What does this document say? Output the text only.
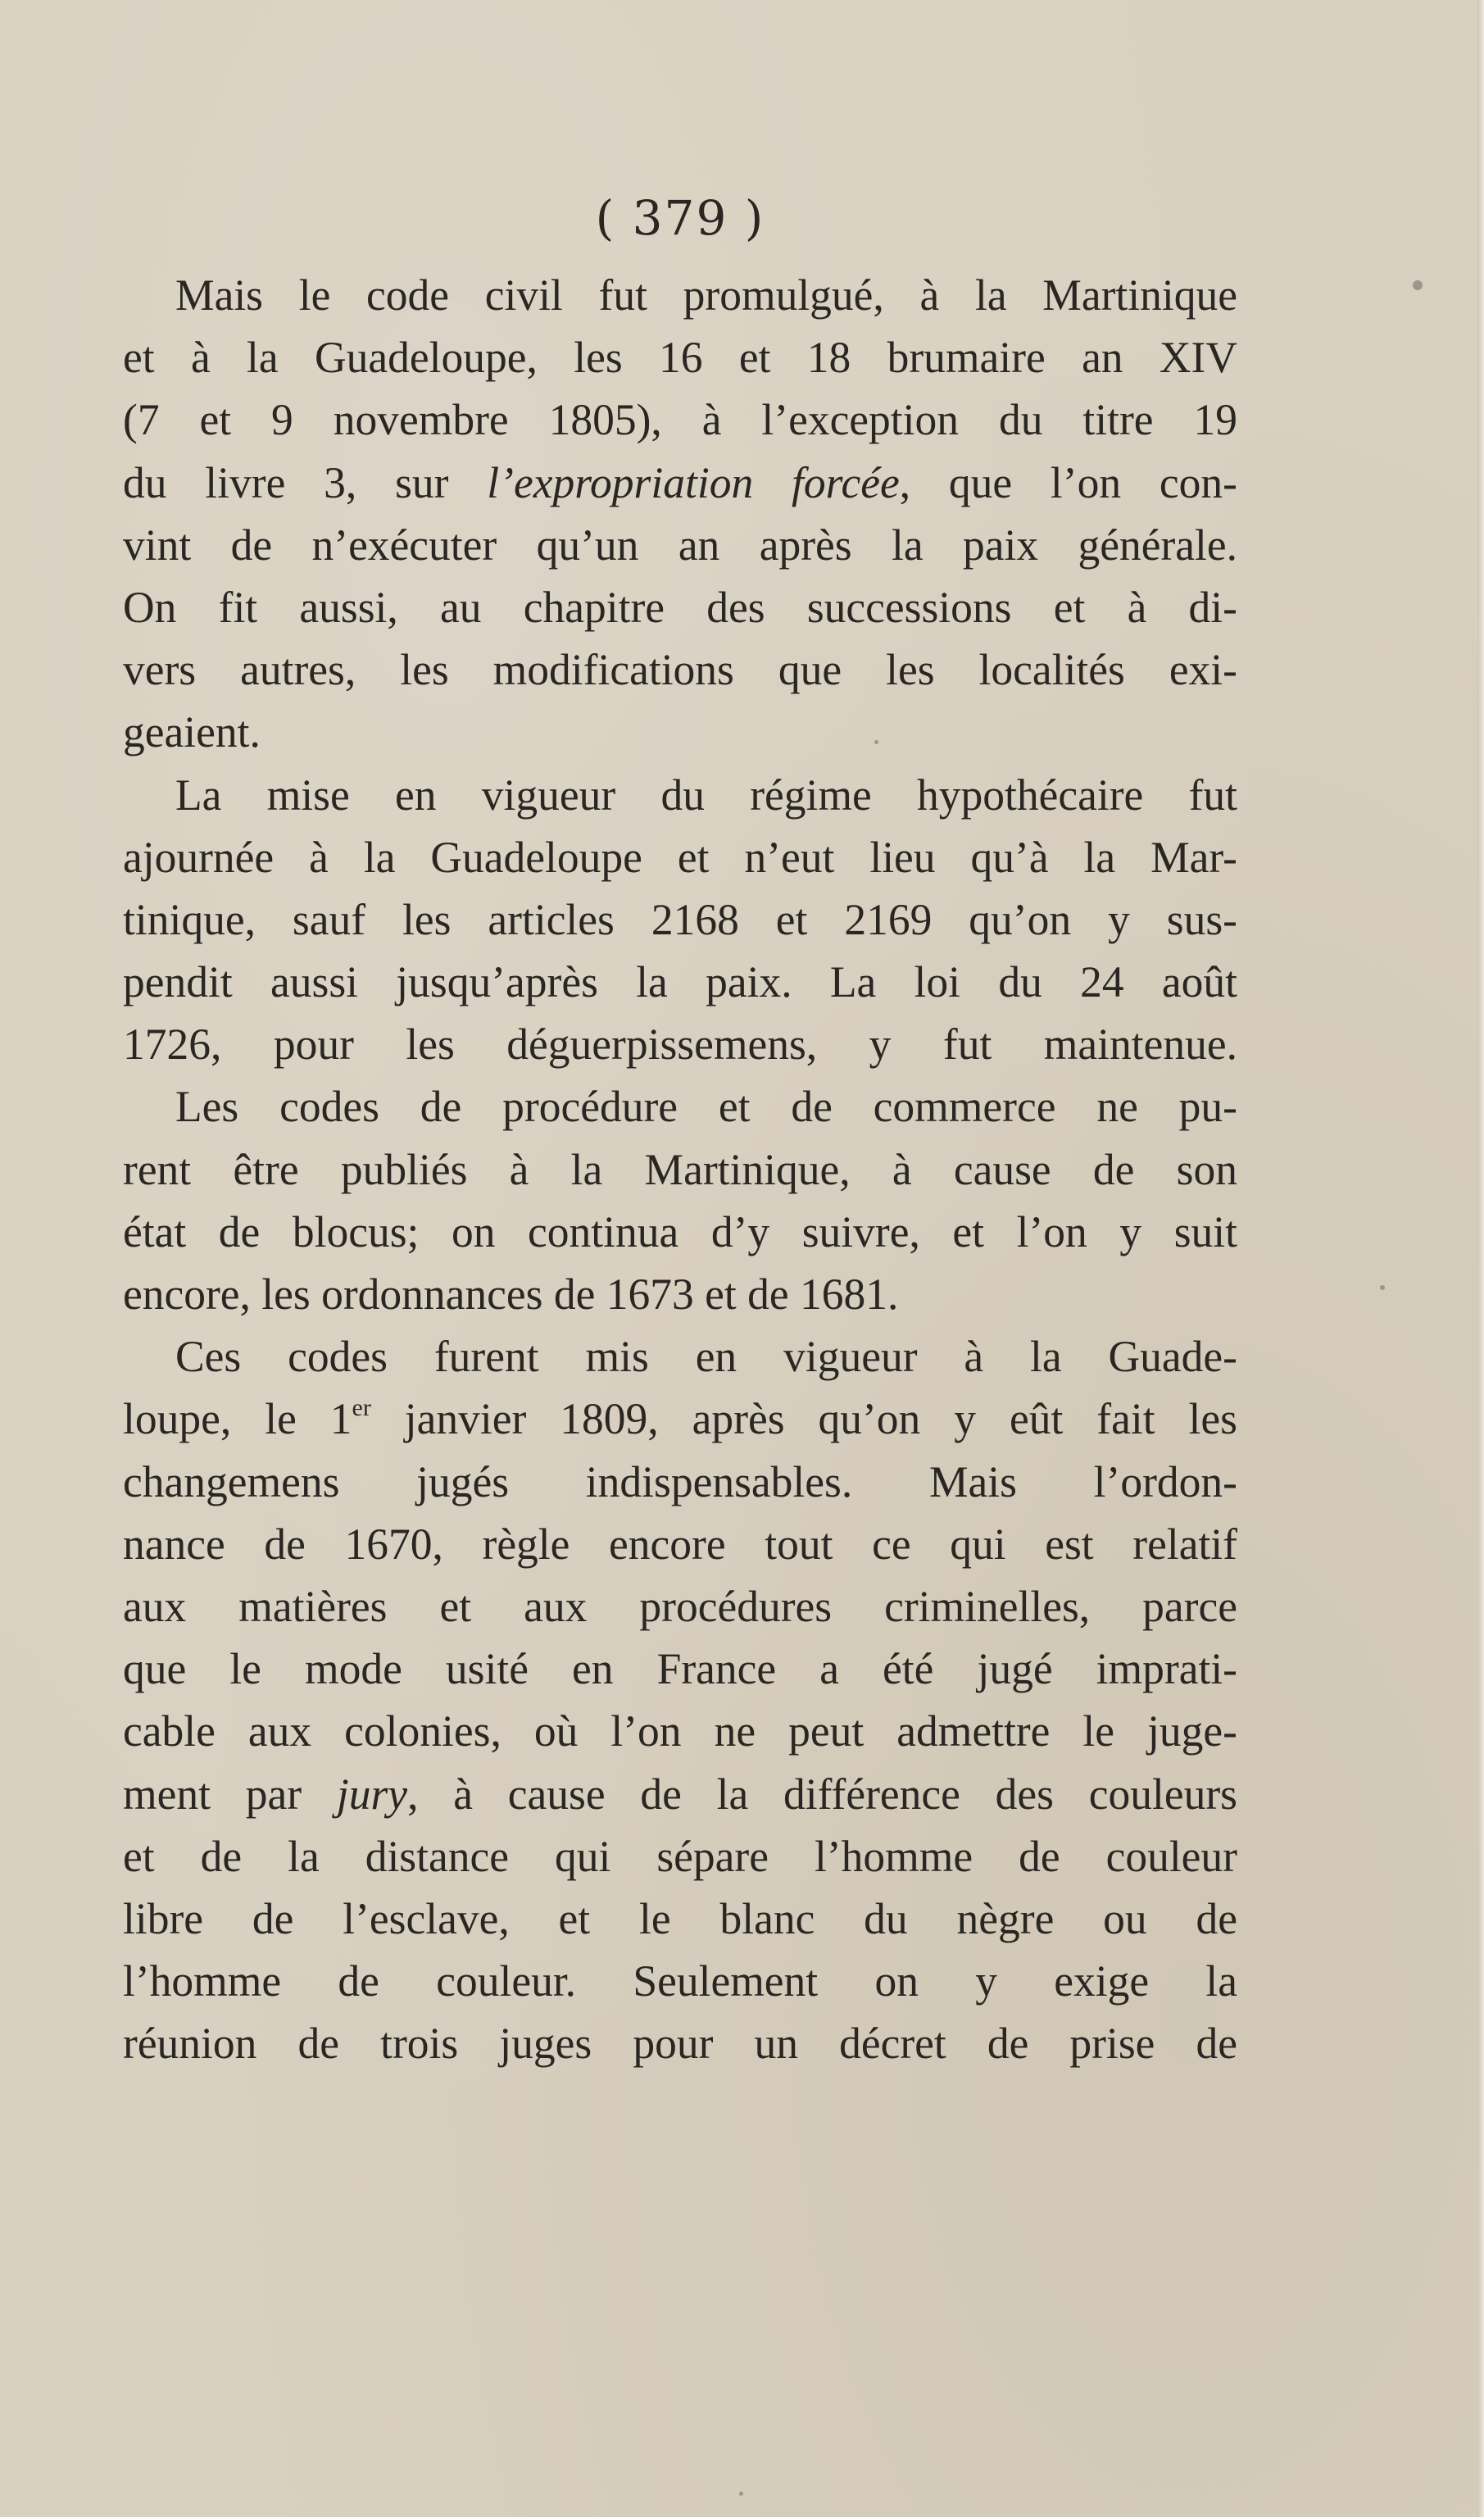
( 379 )
Mais le code civil fut promulgué, à la Martinique
et à la Guadeloupe, les 16 et 18 brumaire an XIV
(7 et 9 novembre 1805), à l’exception du titre 19
du livre 3, sur l’expropriation forcée, que l’on con-
vint de n’exécuter qu’un an après la paix générale.
On fit aussi, au chapitre des successions et à di-
vers autres, les modifications que les localités exi-
geaient.
La mise en vigueur du régime hypothécaire fut
ajournée à la Guadeloupe et n’eut lieu qu’à la Mar-
tinique, sauf les articles 2168 et 2169 qu’on y sus-
pendit aussi jusqu’après la paix. La loi du 24 août
1726, pour les déguerpissemens, y fut maintenue.
Les codes de procédure et de commerce ne pu-
rent être publiés à la Martinique, à cause de son
état de blocus; on continua d’y suivre, et l’on y suit
encore, les ordonnances de 1673 et de 1681.
Ces codes furent mis en vigueur à la Guade-
loupe, le 1er janvier 1809, après qu’on y eût fait les
changemens jugés indispensables. Mais l’ordon-
nance de 1670, règle encore tout ce qui est relatif
aux matières et aux procédures criminelles, parce
que le mode usité en France a été jugé imprati-
cable aux colonies, où l’on ne peut admettre le juge-
ment par jury, à cause de la différence des couleurs
et de la distance qui sépare l’homme de couleur
libre de l’esclave, et le blanc du nègre ou de
l’homme de couleur. Seulement on y exige la
réunion de trois juges pour un décret de prise de
